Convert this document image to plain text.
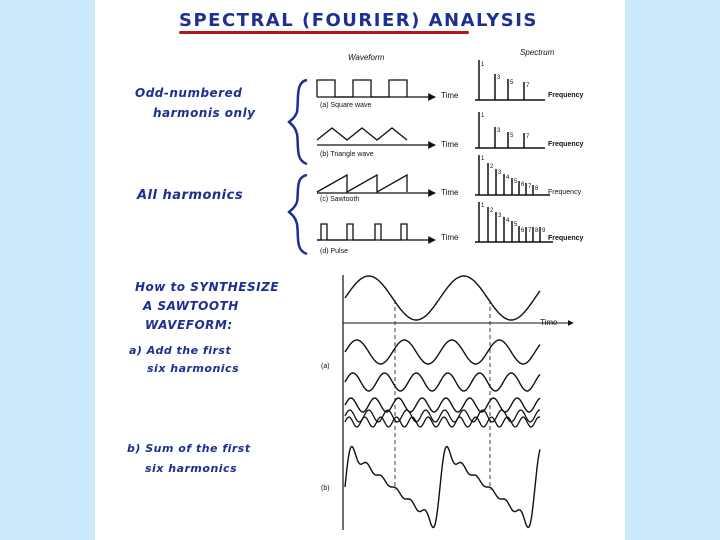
SPECTRAL (FOURIER) ANALYSIS
Waveform
Spectrum
Odd-numbered
harmonis only
All harmonics
How to SYNTHESIZE
A SAWTOOTH
WAVEFORM:
a) Add the first
six harmonics
b) Sum of the first
six harmonics
(a) Square wave
(b) Triangle wave
(c) Sawtooth
(d) Pulse
Time
Time
Time
Time
Frequency
Frequency
Frequency
Frequency
1
3
5 7
1
3
5 7
1
2
3
4
5 6 7 8
1
2
3
4
5
6 7 8 9
Time
(a)
(b)
